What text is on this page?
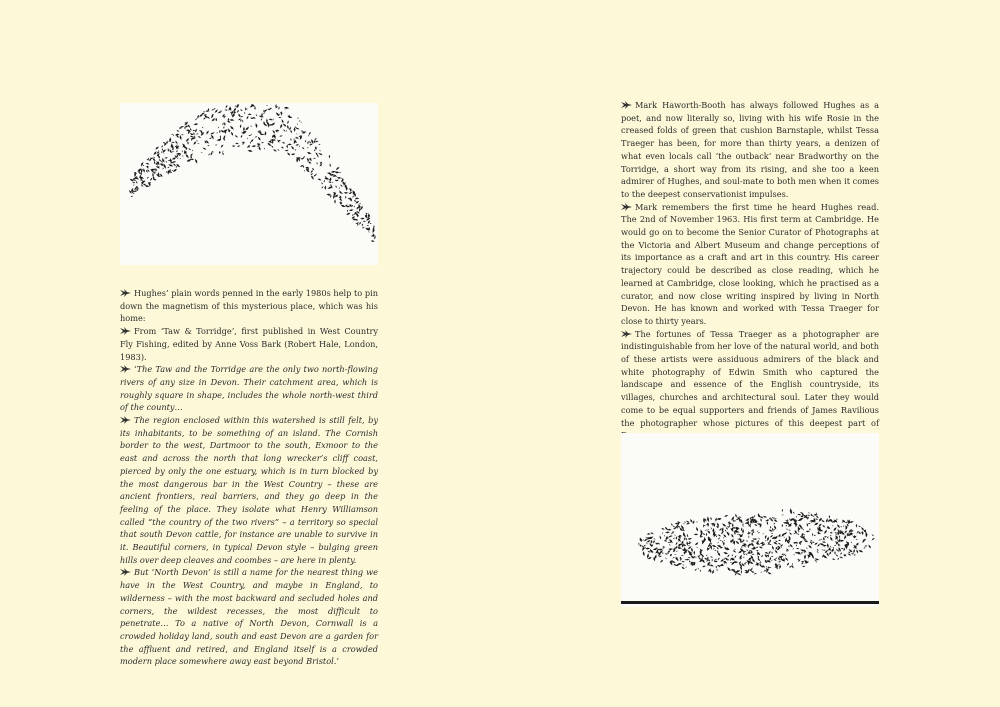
Hughes’ plain words penned in the early 1980s help to pin down the magnetism of this mysterious place, which was his home:

From ‘Taw & Torridge’, first published in West Country Fly Fishing, edited by Anne Voss Bark (Robert Hale, London, 1983).

‘The Taw and the Torridge are the only two north-flowing rivers of any size in Devon. Their catchment area, which is roughly square in shape, includes the whole north-west third of the county…

The region enclosed within this watershed is still felt, by its inhabitants, to be something of an island. The Cornish border to the west, Dartmoor to the south, Exmoor to the east and across the north that long wrecker’s cliff coast, pierced by only the one estuary, which is in turn blocked by the most dangerous bar in the West Country – these are ancient frontiers, real barriers, and they go deep in the feeling of the place. They isolate what Henry Williamson called “the country of the two rivers” – a territory so special that south Devon cattle, for instance are unable to survive in it. Beautiful corners, in typical Devon style – bulging green hills over deep cleaves and coombes – are here in plenty.

But ‘North Devon’ is still a name for the nearest thing we have in the West Country, and maybe in England, to wilderness – with the most backward and secluded holes and corners, the wildest recesses, the most difficult to penetrate… To a native of North Devon, Cornwall is a crowded holiday land, south and east Devon are a garden for the affluent and retired, and England itself is a crowded modern place somewhere away east beyond Bristol.’

Mark Haworth-Booth has always followed Hughes as a poet, and now literally so, living with his wife Rosie in the creased folds of green that cushion Barnstaple, whilst Tessa Traeger has been, for more than thirty years, a denizen of what even locals call ‘the outback’ near Bradworthy on the Torridge, a short way from its rising, and she too a keen admirer of Hughes, and soul-mate to both men when it comes to the deepest conservationist impulses.

Mark remembers the first time he heard Hughes read. The 2nd of November 1963. His first term at Cambridge. He would go on to become the Senior Curator of Photographs at the Victoria and Albert Museum and change perceptions of its importance as a craft and art in this country. His career trajectory could be described as close reading, which he learned at Cambridge, close looking, which he practised as a curator, and now close writing inspired by living in North Devon. He has known and worked with Tessa Traeger for close to thirty years.

The fortunes of Tessa Traeger as a photographer are indistinguishable from her love of the natural world, and both of these artists were assiduous admirers of the black and white photography of Edwin Smith who captured the landscape and essence of the English countryside, its villages, churches and architectural soul. Later they would come to be equal supporters and friends of James Ravilious the photographer whose pictures of this deepest part of
